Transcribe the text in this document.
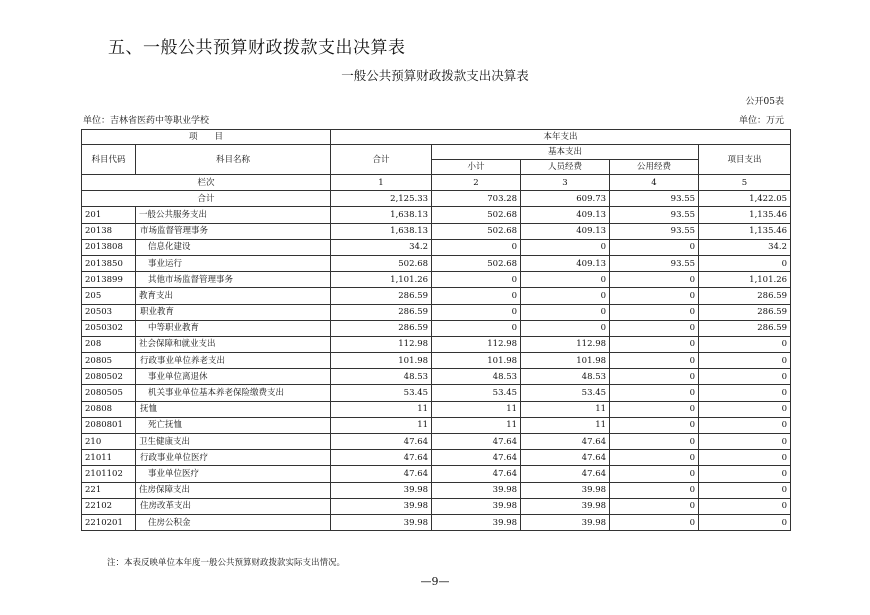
五、一般公共预算财政拨款支出决算表
一般公共预算财政拨款支出决算表
公开05表
单位：吉林省医药中等职业学校	单位：万元
项　　目		本年支出				
科目代码	科目名称	合计	基本支出			项目支出
			小计	人员经费	公用经费	
栏次		1	2	3	4	5
合计		2,125.33	703.28	609.73	93.55	1,422.05
201	一般公共服务支出	1,638.13	502.68	409.13	93.55	1,135.46
20138	市场监督管理事务	1,638.13	502.68	409.13	93.55	1,135.46
2013808	信息化建设	34.2	0	0	0	34.2
2013850	事业运行	502.68	502.68	409.13	93.55	0
2013899	其他市场监督管理事务	1,101.26	0	0	0	1,101.26
205	教育支出	286.59	0	0	0	286.59
20503	职业教育	286.59	0	0	0	286.59
2050302	中等职业教育	286.59	0	0	0	286.59
208	社会保障和就业支出	112.98	112.98	112.98	0	0
20805	行政事业单位养老支出	101.98	101.98	101.98	0	0
2080502	事业单位离退休	48.53	48.53	48.53	0	0
2080505	机关事业单位基本养老保险缴费支出	53.45	53.45	53.45	0	0
20808	抚恤	11	11	11	0	0
2080801	死亡抚恤	11	11	11	0	0
210	卫生健康支出	47.64	47.64	47.64	0	0
21011	行政事业单位医疗	47.64	47.64	47.64	0	0
2101102	事业单位医疗	47.64	47.64	47.64	0	0
221	住房保障支出	39.98	39.98	39.98	0	0
22102	住房改革支出	39.98	39.98	39.98	0	0
2210201	住房公积金	39.98	39.98	39.98	0	0
注：本表反映单位本年度一般公共预算财政拨款实际支出情况。
—9—
